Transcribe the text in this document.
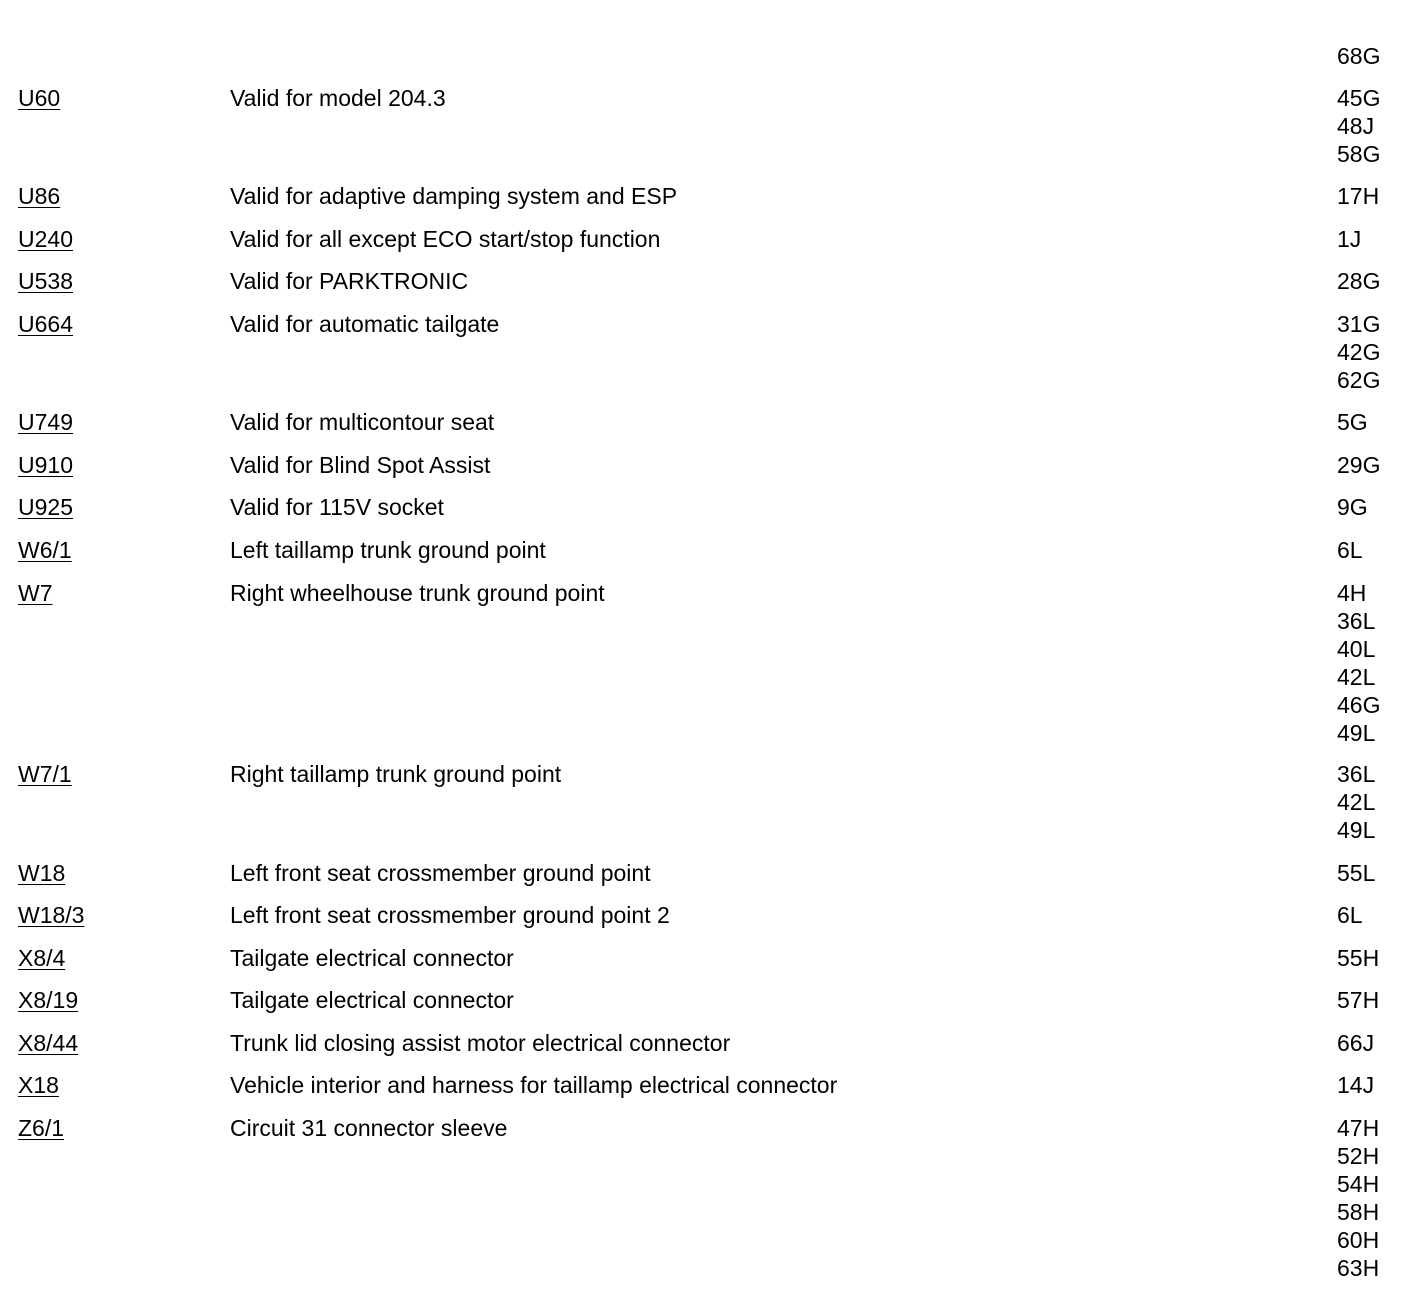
68G
U60	Valid for model 204.3	45G
48J
58G
U86	Valid for adaptive damping system and ESP	17H
U240	Valid for all except ECO start/stop function	1J
U538	Valid for PARKTRONIC	28G
U664	Valid for automatic tailgate	31G
42G
62G
U749	Valid for multicontour seat	5G
U910	Valid for Blind Spot Assist	29G
U925	Valid for 115V socket	9G
W6/1	Left taillamp trunk ground point	6L
W7	Right wheelhouse trunk ground point	4H
36L
40L
42L
46G
49L
W7/1	Right taillamp trunk ground point	36L
42L
49L
W18	Left front seat crossmember ground point	55L
W18/3	Left front seat crossmember ground point 2	6L
X8/4	Tailgate electrical connector	55H
X8/19	Tailgate electrical connector	57H
X8/44	Trunk lid closing assist motor electrical connector	66J
X18	Vehicle interior and harness for taillamp electrical connector	14J
Z6/1	Circuit 31 connector sleeve	47H
52H
54H
58H
60H
63H
